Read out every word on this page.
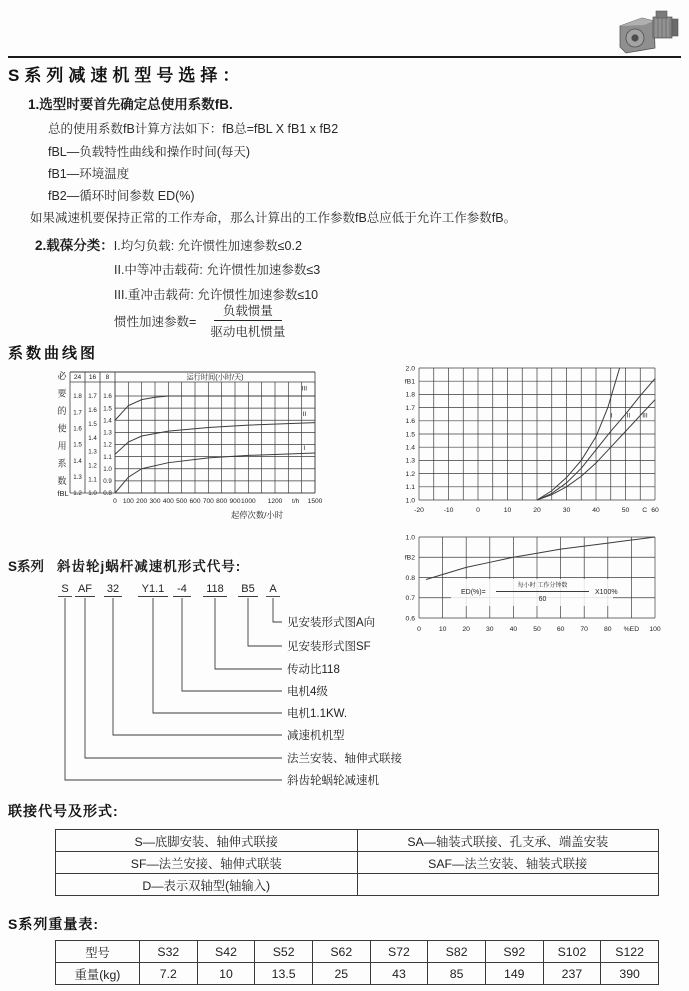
S系列减速机型号选择：
1.选型时要首先确定总使用系数fB.
总的使用系数fB计算方法如下：fB总=fBL X fB1 x fB2
fBL—负载特性曲线和操作时间(每天)
fB1—环境温度
fB2—循环时间参数 ED(%)
如果减速机要保持正常的工作寿命，那么计算出的工作参数fB总应低于允许工作参数fB。
2.载葆分类：I.均匀负载: 允许惯性加速参数≤0.2
II.中等冲击载荷: 允许惯性加速参数≤3
III.重冲击载荷: 允许惯性加速参数≤10
惯性加速参数= $\frac{\text{负载惯量}}{\text{驱动电机惯量}}$
系数曲线图
24
1.8
1.7
1.6
1.5
1.4
1.3
1.2
16
1.7
1.6
1.5
1.4
1.3
1.2
1.1
1.0
8
1.6
1.5
1.4
1.3
1.2
1.1
1.0
0.9
0.8
必
要
的
使
用
系
数
fBL
运行时间(小时/天)
0 100 200 300 400 500 600 700 800 900 1000 1200 t/h 1500
起停次数/小时
I
II
III
2.0
fB1
1.8
1.7
1.6
1.5
1.4
1.3
1.2
1.1
1.0
-20	-10	0	10	20	30	40	50 C 60
I II III
1.0
fB2
0.8
0.7
0.6
0	10 20 30 40 50 60 70 80 %ED 100
ED(%)=
每小时 工作分钟数
60
X100%
S系列 斜齿轮j蜗杆减速机形式代号:
S AF 32 Y1.1 -4 118 B5 A
见安装形式图A向
见安装形式图SF
传动比118
电机4级
电机1.1KW.
减速机机型
法兰安装、轴伸式联接
斜齿轮蜗轮减速机
联接代号及形式:
S—底脚安装、轴伸式联接	SA—轴装式联接、孔支承、端盖安装
SF—法兰安接、轴伸式联装	SAF—法兰安装、轴装式联接
D—表示双轴型(轴输入)	
S系列重量表:
型号	S32	S42	S52	S62	S72	S82	S92	S102	S122
重量(kg)	7.2	10	13.5	25	43	85	149	237	390
